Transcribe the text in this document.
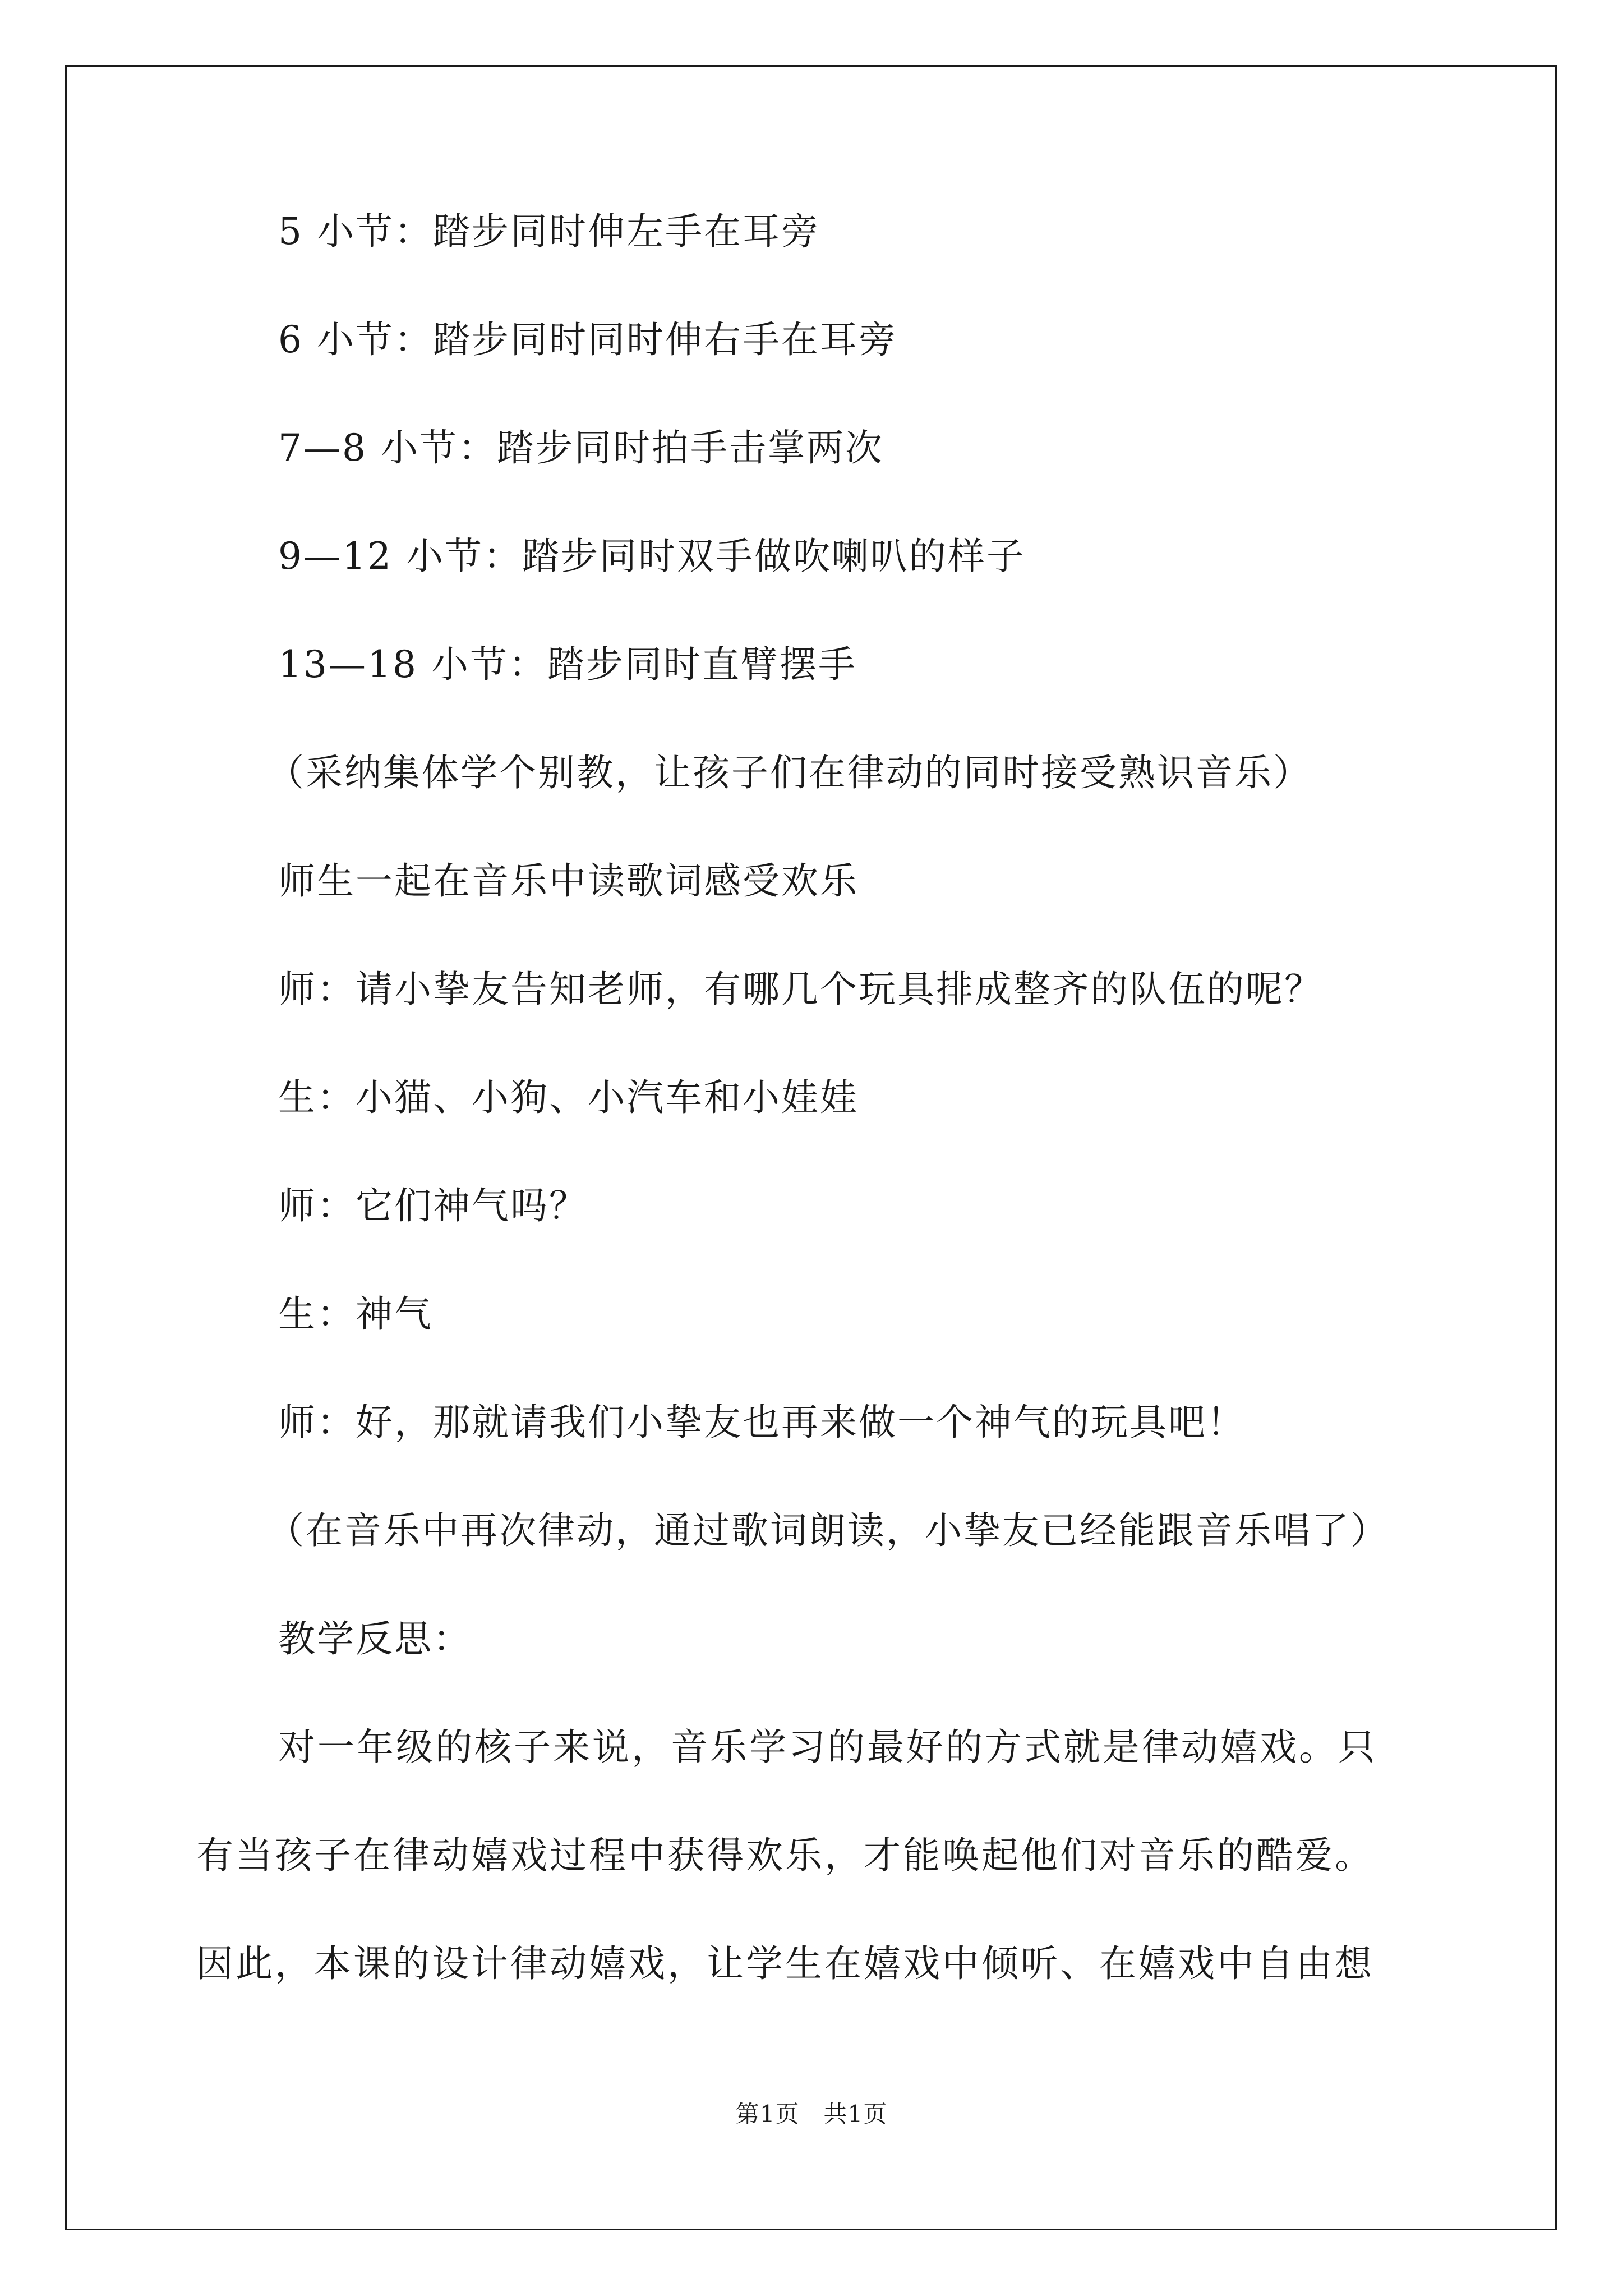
5 小节：踏步同时伸左手在耳旁
6 小节：踏步同时同时伸右手在耳旁
7—8 小节：踏步同时拍手击掌两次
9—12 小节：踏步同时双手做吹喇叭的样子
13—18 小节：踏步同时直臂摆手
（采纳集体学个别教，让孩子们在律动的同时接受熟识音乐）
师生一起在音乐中读歌词感受欢乐
师：请小挚友告知老师，有哪几个玩具排成整齐的队伍的呢？
生：小猫、小狗、小汽车和小娃娃
师：它们神气吗？
生：神气
师：好，那就请我们小挚友也再来做一个神气的玩具吧！
（在音乐中再次律动，通过歌词朗读，小挚友已经能跟音乐唱了）
教学反思：
对一年级的核子来说，音乐学习的最好的方式就是律动嬉戏。只
有当孩子在律动嬉戏过程中获得欢乐，才能唤起他们对音乐的酷爱。
因此，本课的设计律动嬉戏，让学生在嬉戏中倾听、在嬉戏中自由想
第1页　共1页
